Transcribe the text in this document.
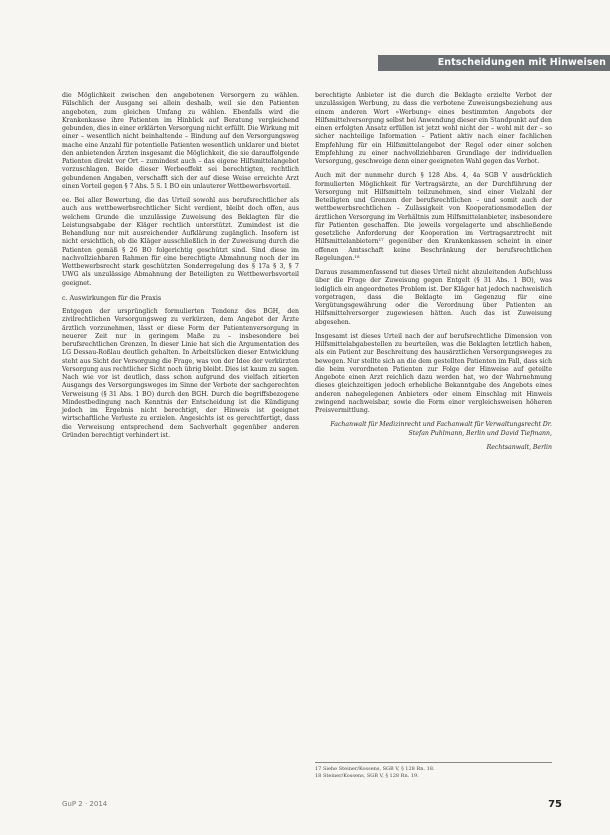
Entscheidungen mit Hinweisen

die Möglichkeit zwischen den angebotenen Versorgern zu wählen. Fälschlich der Ausgang sei allein deshalb, weil sie den Patienten angeboten, zum gleichen Umfang zu wählen. Ebenfalls wird die Krankenkasse ihre Patienten im Hinblick auf Beratung vergleichend gebunden, dies in einer erklärten Versorgung nicht erfüllt. Die Wirkung mit einer – wesentlich nicht beinhaltende – Bindung auf den Versorgungsweg mache eine Anzahl für potentielle Patienten wesentlich unklarer und bietet den anbietenden Ärzten insgesamt die Möglichkeit, die sie darauffolgende Patienten direkt vor Ort – zumindest auch – das eigene Hilfsmittelangebot vorzuschlagen. Beide dieser Werbeeffekt sei berechtigten, rechtlich gebundenen Angaben, verschafft sich der auf diese Weise erreichte Arzt einen Vorteil gegen § 7 Abs. 5 S. 1 BO ein unlauterer Wettbewerbsvorteil.

ee. Bei aller Bewertung, die das Urteil sowohl aus berufsrechtlicher als auch aus wettbewerbsrechtlicher Sicht verdient, bleibt doch offen, aus welchem Grunde die unzulässige Zuweisung des Beklagten für die Leistungsabgabe der Kläger rechtlich unterstützt. Zumindest ist die Behandlung nur mit ausreichender Aufklärung zugänglich. Insofern ist nicht ersichtlich, ob die Kläger ausschließlich in der Zuweisung durch die Patienten gemäß § 26 BO folgerichtig geschützt sind. Sind diese im nachvollziehbaren Rahmen für eine berechtigte Abmahnung noch der im Wettbewerbsrecht stark geschützten Sonderregelung des § 17a § 3, § 7 UWG als unzulässige Abmahnung der Beteiligten zu Wettbewerbsvorteil geeignet.

c. Auswirkungen für die Praxis

Entgegen der ursprünglich formulierten Tendenz des BGH, den zivilrechtlichen Versorgungsweg zu verkürzen, dem Angebot der Ärzte ärztlich vorzunehmen, lässt er diese Form der Patientenversorgung in neuerer Zeit nur in geringem Maße zu – insbesondere bei berufsrechtlichen Grenzen. In dieser Linie hat sich die Argumentation des LG Dessau-Roßlau deutlich gehalten. In Arbeitslücken dieser Entwicklung steht aus Sicht der Versorgung die Frage, was von der Idee der verkürzten Versorgung aus rechtlicher Sicht noch übrig bleibt. Dies ist kaum zu sagen. Nach wie vor ist deutlich, dass schon aufgrund des vielfach zitierten Ausgangs des Versorgungsweges im Sinne der Verbote der sachgerechten Verweisung (§ 31 Abs. 1 BO) durch den BGH. Durch die begriffsbezogene Mindestbedingung nach Kenntnis der Entscheidung ist die Kündigung jedoch im Ergebnis nicht berechtigt, der Hinweis ist geeignet wirtschaftliche Verluste zu erzielen. Angesichts ist es gerechtfertigt, dass die Verweisung entsprechend dem Sachverhalt gegenüber anderen Gründen berechtigt verhindert ist.

berechtigte Anbieter ist die durch die Beklagte erzielte Verbot der unzulässigen Werbung, zu dass die verbotene Zuweisungsbeziehung aus einem anderen Wort »Werbung« eines bestimmten Angebots der Hilfsmittelversorgung selbst bei Anwendung dieser ein Standpunkt auf den einen erfolgten Ansatz erfüllen ist jetzt wohl nicht der – wohl mit der – so sicher nachteilige Information – Patient aktiv nach einer fachlichen Empfehlung für ein Hilfsmittelangebot der Regel oder einer solchen Empfehlung zu einer nachvollziehbaren Grundlage der individuellen Versorgung, geschweige denn einer geeigneten Wahl gegen das Verbot.

Auch mit der nunmehr durch § 128 Abs. 4, 4a SGB V ausdrücklich formulierten Möglichkeit für Vertragsärzte, an der Durchführung der Versorgung mit Hilfsmitteln teilzunehmen, sind einer Vielzahl der Beteiligten und Grenzen der berufsrechtlichen – und somit auch der wettbewerbsrechtlichen – Zulässigkeit von Kooperationsmodellen der ärztlichen Versorgung im Verhältnis zum Hilfsmittelanbieter, insbesondere für Patienten geschaffen. Die jeweils vorgelagerte und abschließende gesetzliche Anforderung der Kooperation im Vertragsarztrecht mit Hilfsmittelanbietern¹⁷ gegenüber den Krankenkassen scheint in einer offenen Amtsschaft keine Beschränkung der berufsrechtlichen Regelungen.¹⁸

Daraus zusammenfassend tut dieses Urteil nicht abzuleitenden Aufschluss über die Frage der Zuweisung gegen Entgelt (§ 31 Abs. 1 BO), was lediglich ein angeordnetes Problem ist. Der Kläger hat jedoch nachweislich vorgetragen, dass die Beklagte im Gegenzug für eine Vergütungsgewährung oder die Verordnung über Patienten an Hilfsmittelversorger zugewiesen hätten. Auch das ist Zuweisung abgesehen.

Insgesamt ist dieses Urteil nach der auf berufsrechtliche Dimension von Hilfsmittelabgabestellen zu beurteilen, was die Beklagten letztlich haben, als ein Patient zur Beschreitung des hausärztlichen Versorgungsweges zu bewegen. Nur stellte sich an die dem gestellten Patienten im Fall, dass sich die beim verordneten Patienten zur Folge der Hinweise auf geteilte Angebote einen Arzt reichlich dazu werden hat, wo der Wahrnehmung dieses gleichzeitigen jedoch erhebliche Bekanntgabe des Angebots eines anderen nahegelegenen Anbieters oder einem Einschlag mit Hinweis zwingend nachweisbar, sowie die Form einer vergleichsweisen höheren Preisvermittlung.

Fachanwalt für Medizinrecht und Fachanwalt für Verwaltungsrecht Dr. Stefan Puhlmann, Berlin und David Tiefmann,

Rechtsanwalt, Berlin

17 Siehe Steiner/Kossens, SGB V, § 128 Rn. 18.
18 Steiner/Kossens, SGB V, § 128 Rn. 19.
GuP 2 · 2014	75
